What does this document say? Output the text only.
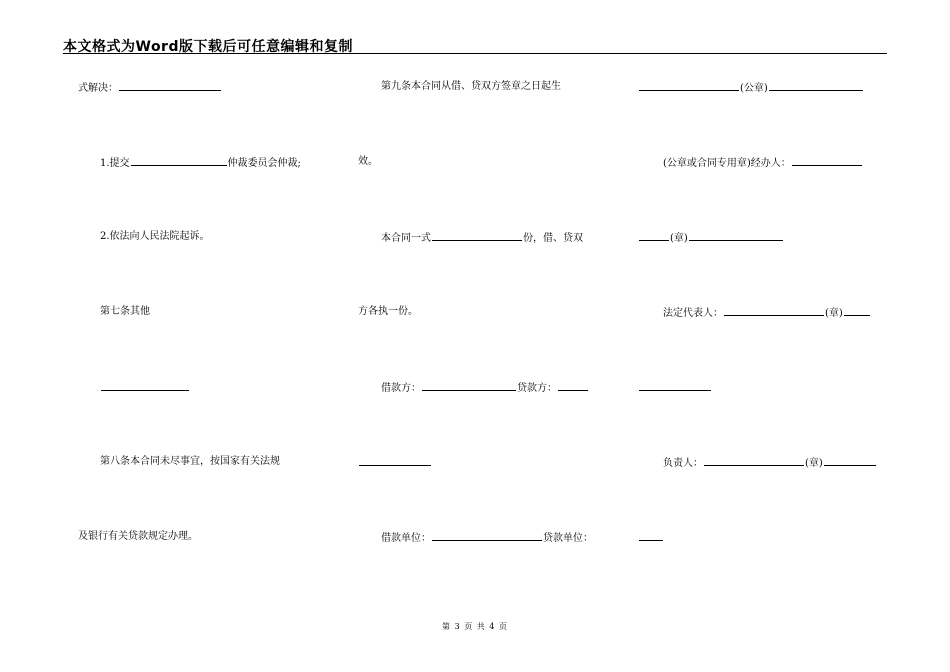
本文格式为Word版下载后可任意编辑和复制
式解决：
1.提交	仲裁委员会仲裁;
2.依法向人民法院起诉。
第七条其他
第八条本合同未尽事宜，按国家有关法规
及银行有关贷款规定办理。
第九条本合同从借、贷双方签章之日起生
效。
本合同一式	份，借、贷双
方各执一份。
借款方：	贷款方：
借款单位：	贷款单位：
(公章)
(公章或合同专用章)经办人：
(章)
法定代表人：	(章)
负责人：	(章)
第 3 页 共 4 页
